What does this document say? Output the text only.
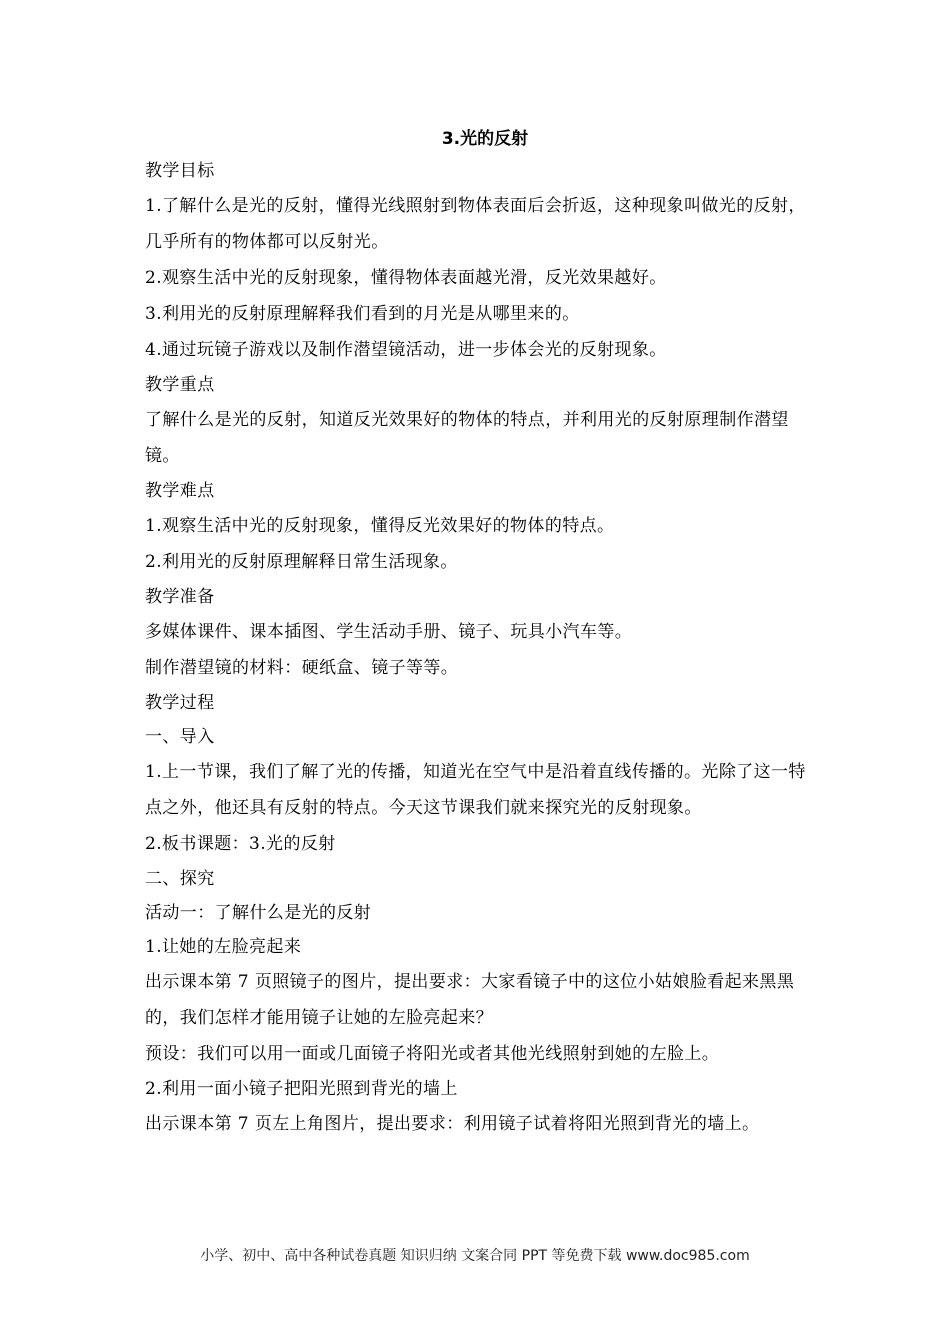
3.光的反射

教学目标

1.了解什么是光的反射，懂得光线照射到物体表面后会折返，这种现象叫做光的反射，几乎所有的物体都可以反射光。

2.观察生活中光的反射现象，懂得物体表面越光滑，反光效果越好。

3.利用光的反射原理解释我们看到的月光是从哪里来的。

4.通过玩镜子游戏以及制作潜望镜活动，进一步体会光的反射现象。

教学重点

了解什么是光的反射，知道反光效果好的物体的特点，并利用光的反射原理制作潜望镜。

教学难点

1.观察生活中光的反射现象，懂得反光效果好的物体的特点。

2.利用光的反射原理解释日常生活现象。

教学准备

多媒体课件、课本插图、学生活动手册、镜子、玩具小汽车等。

制作潜望镜的材料：硬纸盒、镜子等等。

教学过程

一、导入

1.上一节课，我们了解了光的传播，知道光在空气中是沿着直线传播的。光除了这一特点之外，他还具有反射的特点。今天这节课我们就来探究光的反射现象。

2.板书课题：3.光的反射

二、探究

活动一：了解什么是光的反射

1.让她的左脸亮起来

出示课本第 7 页照镜子的图片，提出要求：大家看镜子中的这位小姑娘脸看起来黑黑的，我们怎样才能用镜子让她的左脸亮起来？

预设：我们可以用一面或几面镜子将阳光或者其他光线照射到她的左脸上。

2.利用一面小镜子把阳光照到背光的墙上

出示课本第 7 页左上角图片，提出要求：利用镜子试着将阳光照到背光的墙上。

小学、初中、高中各种试卷真题 知识归纳 文案合同 PPT 等免费下载 www.doc985.com
